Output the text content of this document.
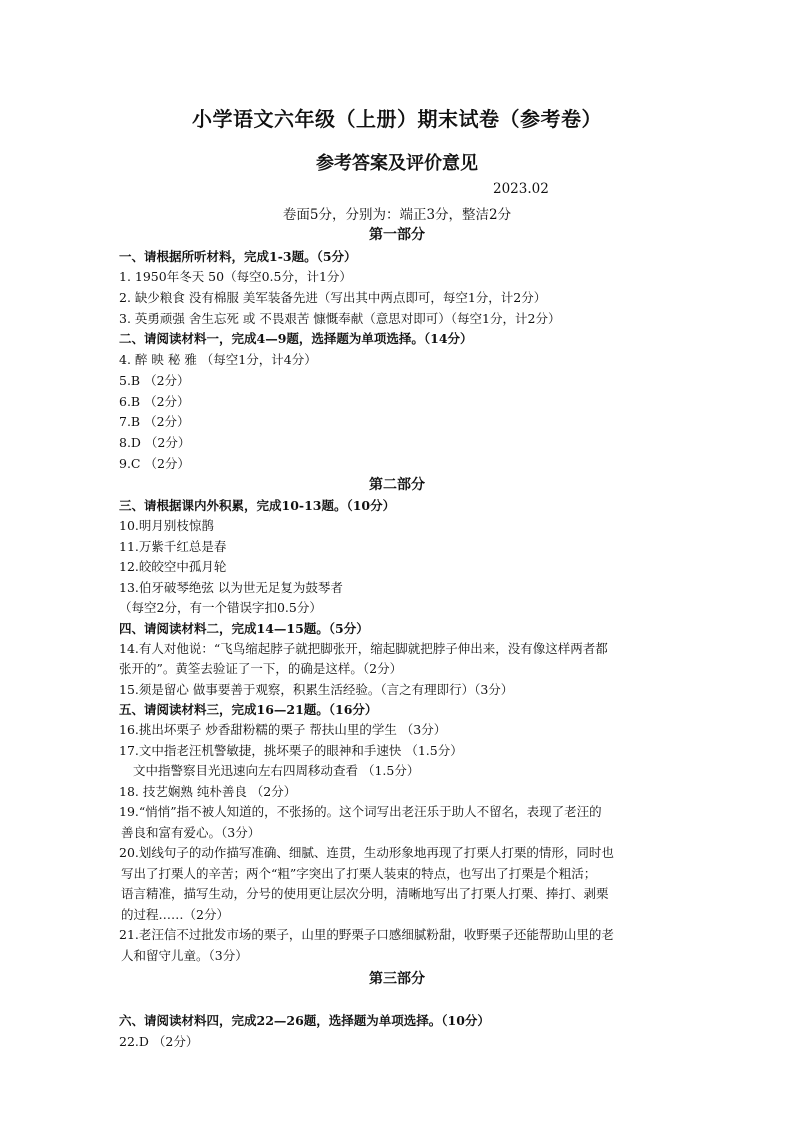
小学语文六年级（上册）期末试卷（参考卷）
参考答案及评价意见
2023.02
卷面5分，分别为：端正3分，整洁2分
第一部分
一、请根据所听材料，完成1-3题。（5分）
1. 1950年冬天 50（每空0.5分，计1分）
2. 缺少粮食 没有棉服 美军装备先进（写出其中两点即可，每空1分，计2分）
3. 英勇顽强 舍生忘死 或 不畏艰苦 慷慨奉献（意思对即可）（每空1分，计2分）
二、请阅读材料一，完成4—9题，选择题为单项选择。（14分）
4. 醉 映 秘 雅 （每空1分，计4分）
5.B （2分）
6.B （2分）
7.B （2分）
8.D （2分）
9.C （2分）
第二部分
三、请根据课内外积累，完成10-13题。（10分）
10.明月别枝惊鹊
11.万紫千红总是春
12.皎皎空中孤月轮
13.伯牙破琴绝弦 以为世无足复为鼓琴者
（每空2分，有一个错误字扣0.5分）
四、请阅读材料二，完成14—15题。（5分）
14.有人对他说：“飞鸟缩起脖子就把脚张开，缩起脚就把脖子伸出来，没有像这样两者都
张开的”。黄筌去验证了一下，的确是这样。（2分）
15.须是留心 做事要善于观察，积累生活经验。（言之有理即行）（3分）
五、请阅读材料三，完成16—21题。（16分）
16.挑出坏栗子 炒香甜粉糯的栗子 帮扶山里的学生 （3分）
17.文中指老汪机警敏捷，挑坏栗子的眼神和手速快 （1.5分）
文中指警察目光迅速向左右四周移动查看 （1.5分）
18. 技艺娴熟 纯朴善良 （2分）
19.“悄悄”指不被人知道的，不张扬的。这个词写出老汪乐于助人不留名，表现了老汪的
善良和富有爱心。（3分）
20.划线句子的动作描写准确、细腻、连贯，生动形象地再现了打栗人打栗的情形，同时也
写出了打栗人的辛苦；两个“粗”字突出了打栗人装束的特点，也写出了打栗是个粗活；
语言精准，描写生动，分号的使用更让层次分明，清晰地写出了打栗人打栗、捧打、剥栗
的过程……（2分）
21.老汪信不过批发市场的栗子，山里的野栗子口感细腻粉甜，收野栗子还能帮助山里的老
人和留守儿童。（3分）
第三部分
六、请阅读材料四，完成22—26题，选择题为单项选择。（10分）
22.D （2分）
